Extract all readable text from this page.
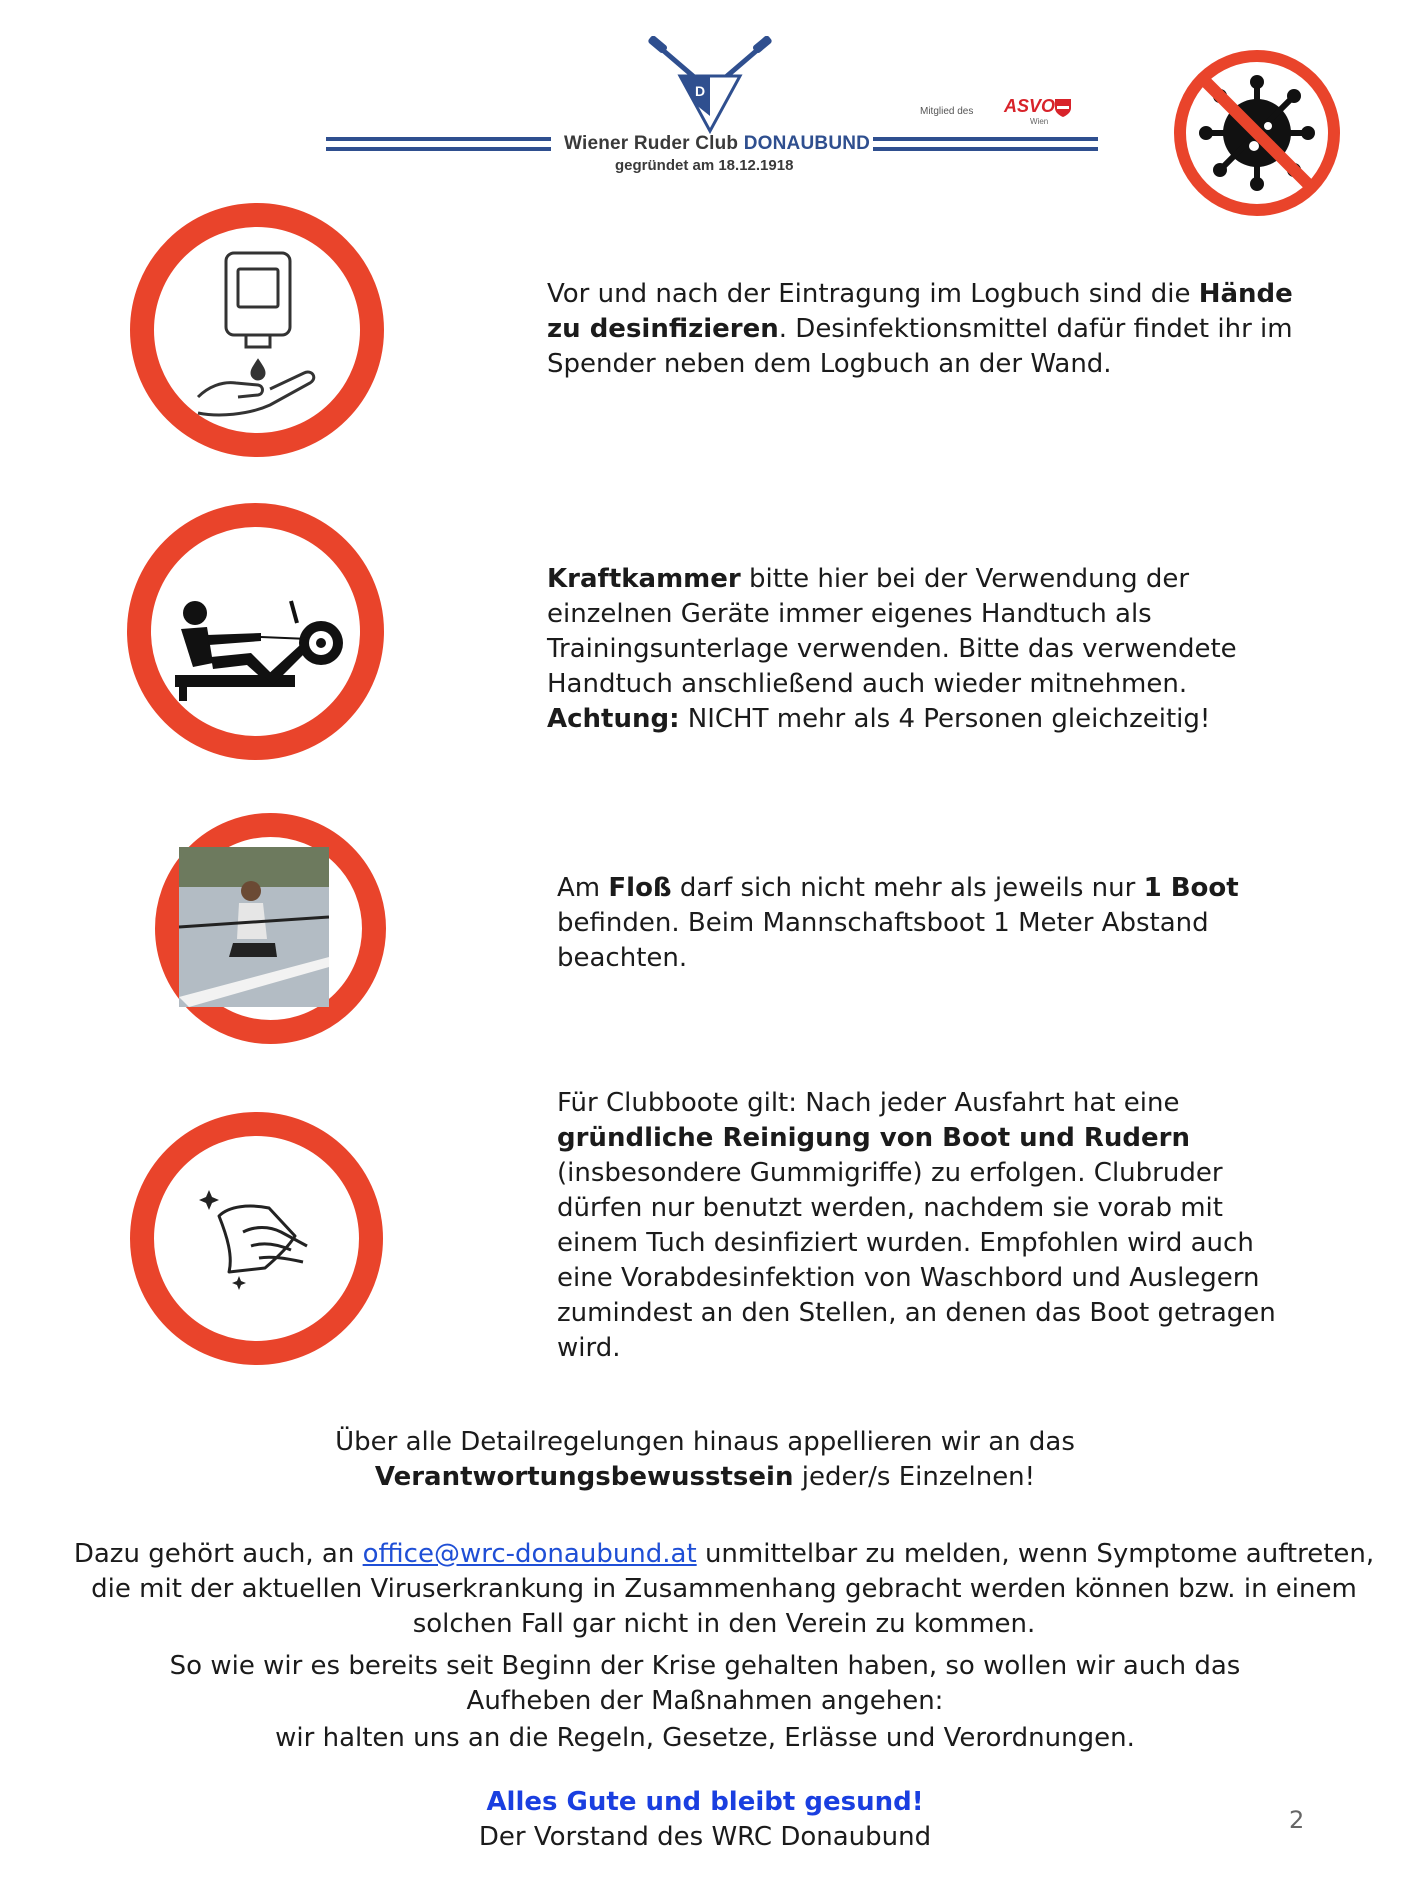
D
Wiener Ruder Club DONAUBUND
gegründet am 18.12.1918
Mitglied des ASVO
Wien
Vor und nach der Eintragung im Logbuch sind die Hände zu desinfizieren. Desinfektionsmittel dafür findet ihr im Spender neben dem Logbuch an der Wand.
Kraftkammer bitte hier bei der Verwendung der einzelnen Geräte immer eigenes Handtuch als Trainingsunterlage verwenden. Bitte das verwendete Handtuch anschließend auch wieder mitnehmen. Achtung: NICHT mehr als 4 Personen gleichzeitig!
Am Floß darf sich nicht mehr als jeweils nur 1 Boot befinden. Beim Mannschaftsboot 1 Meter Abstand beachten.
Für Clubboote gilt: Nach jeder Ausfahrt hat eine gründliche Reinigung von Boot und Rudern (insbesondere Gummigriffe) zu erfolgen. Clubruder dürfen nur benutzt werden, nachdem sie vorab mit einem Tuch desinfiziert wurden. Empfohlen wird auch eine Vorabdesinfektion von Waschbord und Auslegern zumindest an den Stellen, an denen das Boot getragen wird.
Über alle Detailregelungen hinaus appellieren wir an das
Verantwortungsbewusstsein jeder/s Einzelnen!
Dazu gehört auch, an office@wrc-donaubund.at unmittelbar zu melden, wenn Symptome auftreten, die mit der aktuellen Viruserkrankung in Zusammenhang gebracht werden können bzw. in einem solchen Fall gar nicht in den Verein zu kommen.
So wie wir es bereits seit Beginn der Krise gehalten haben, so wollen wir auch das Aufheben der Maßnahmen angehen:
wir halten uns an die Regeln, Gesetze, Erlässe und Verordnungen.
Alles Gute und bleibt gesund!
Der Vorstand des WRC Donaubund
2
